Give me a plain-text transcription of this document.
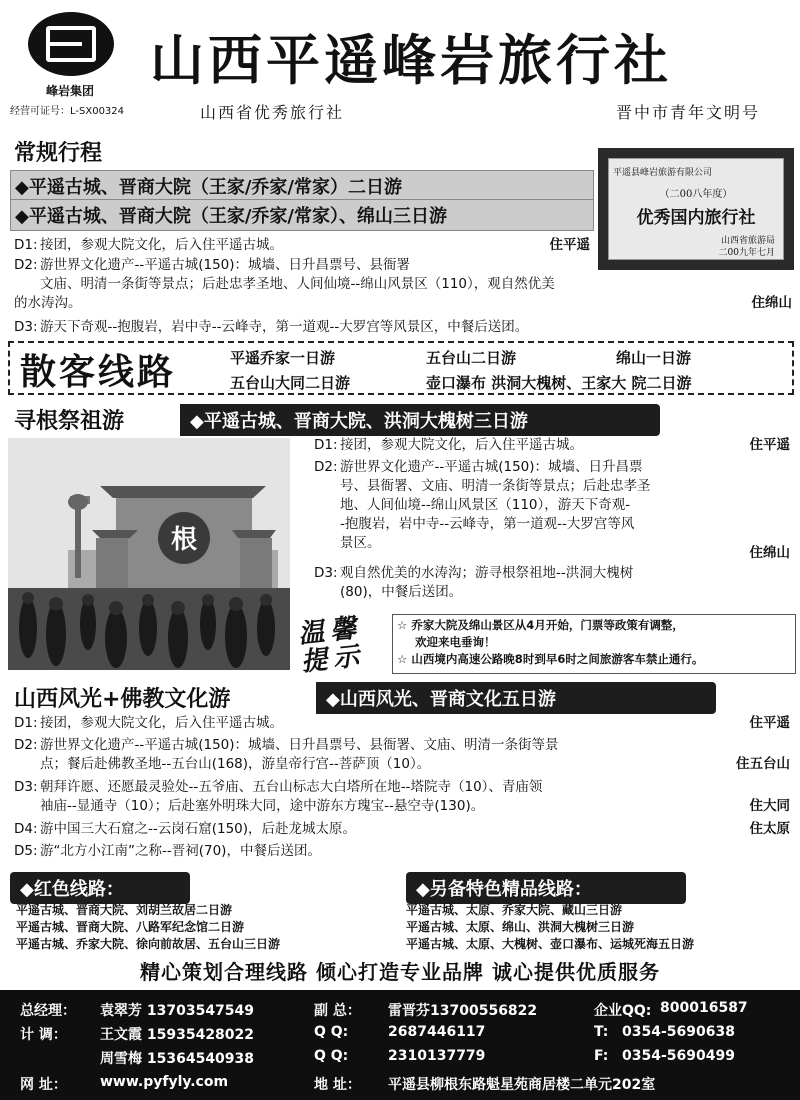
峰岩集团
经营可证号：L-SX00324
山西平遥峰岩旅行社
山西省优秀旅行社	晋中市青年文明号
常规行程
◆平遥古城、晋商大院（王家/乔家/常家）二日游
◆平遥古城、晋商大院（王家/乔家/常家）、绵山三日游
平遥县峰岩旅游有限公司
（二00八年度）
优秀国内旅行社
山西省旅游局
二00九年七月
D1: 接团，参观大院文化，后入住平遥古城。	住平遥
D2: 游世界文化遗产--平遥古城(150)：城墙、日升昌票号、县衙署
文庙、明清一条街等景点；后赴忠孝圣地、人间仙境--绵山风景区（110），观自然优美
的水涛沟。	住绵山
D3: 游天下奇观--抱腹岩，岩中寺--云峰寺，第一道观--大罗宫等风景区，中餐后送团。
散客线路	平遥乔家一日游	五台山二日游	绵山一日游
五台山大同二日游	壶口瀑布 洪洞大槐树、王家大 院二日游
寻根祭祖游	◆平遥古城、晋商大院、洪洞大槐树三日游
根
D1: 接团，参观大院文化，后入住平遥古城。	住平遥
D2: 游世界文化遗产--平遥古城(150)：城墙、日升昌票
号、县衙署、文庙、明清一条街等景点；后赴忠孝圣
地、人间仙境--绵山风景区（110），游天下奇观-
-抱腹岩，岩中寺--云峰寺，第一道观--大罗宫等风
景区。
住绵山
D3: 观自然优美的水涛沟；游寻根祭祖地--洪洞大槐树
(80)，中餐后送团。
温馨提示
☆ 乔家大院及绵山景区从4月开始，门票等政策有调整，
欢迎来电垂询！
☆ 山西境内高速公路晚8时到早6时之间旅游客车禁止通行。
山西风光+佛教文化游	◆山西风光、晋商文化五日游
D1: 接团，参观大院文化，后入住平遥古城。	住平遥
D2: 游世界文化遗产--平遥古城(150)：城墙、日升昌票号、县衙署、文庙、明清一条街等景
点；餐后赴佛教圣地--五台山(168)，游皇帝行宫--菩萨顶（10）。	住五台山
D3: 朝拜许愿、还愿最灵验处--五爷庙、五台山标志大白塔所在地--塔院寺（10）、青庙领
袖庙--显通寺（10）；后赴塞外明珠大同，途中游东方瑰宝--悬空寺(130)。	住大同
D4: 游中国三大石窟之--云岗石窟(150)，后赴龙城太原。	住太原
D5: 游“北方小江南”之称--晋祠(70)，中餐后送团。
◆红色线路：
平遥古城、晋商大院、刘胡兰故居二日游
平遥古城、晋商大院、八路军纪念馆二日游
平遥古城、乔家大院、徐向前故居、五台山三日游
◆另备特色精品线路：
平遥古城、太原、乔家大院、藏山三日游
平遥古城、太原、绵山、洪洞大槐树三日游
平遥古城、太原、大槐树、壶口瀑布、运城死海五日游
精心策划合理线路 倾心打造专业品牌 诚心提供优质服务
总经理： 袁翠芳 13703547549	副 总： 雷晋芬13700556822	企业QQ: 800016587
计 调： 王文霞 15935428022	Q Q:	2687446117	T: 0354-5690638
周雪梅 15364540938	Q Q:	2310137779	F: 0354-5690499
网 址： www.pyfyly.com	地 址： 平遥县柳根东路魁星苑商居楼二单元202室
